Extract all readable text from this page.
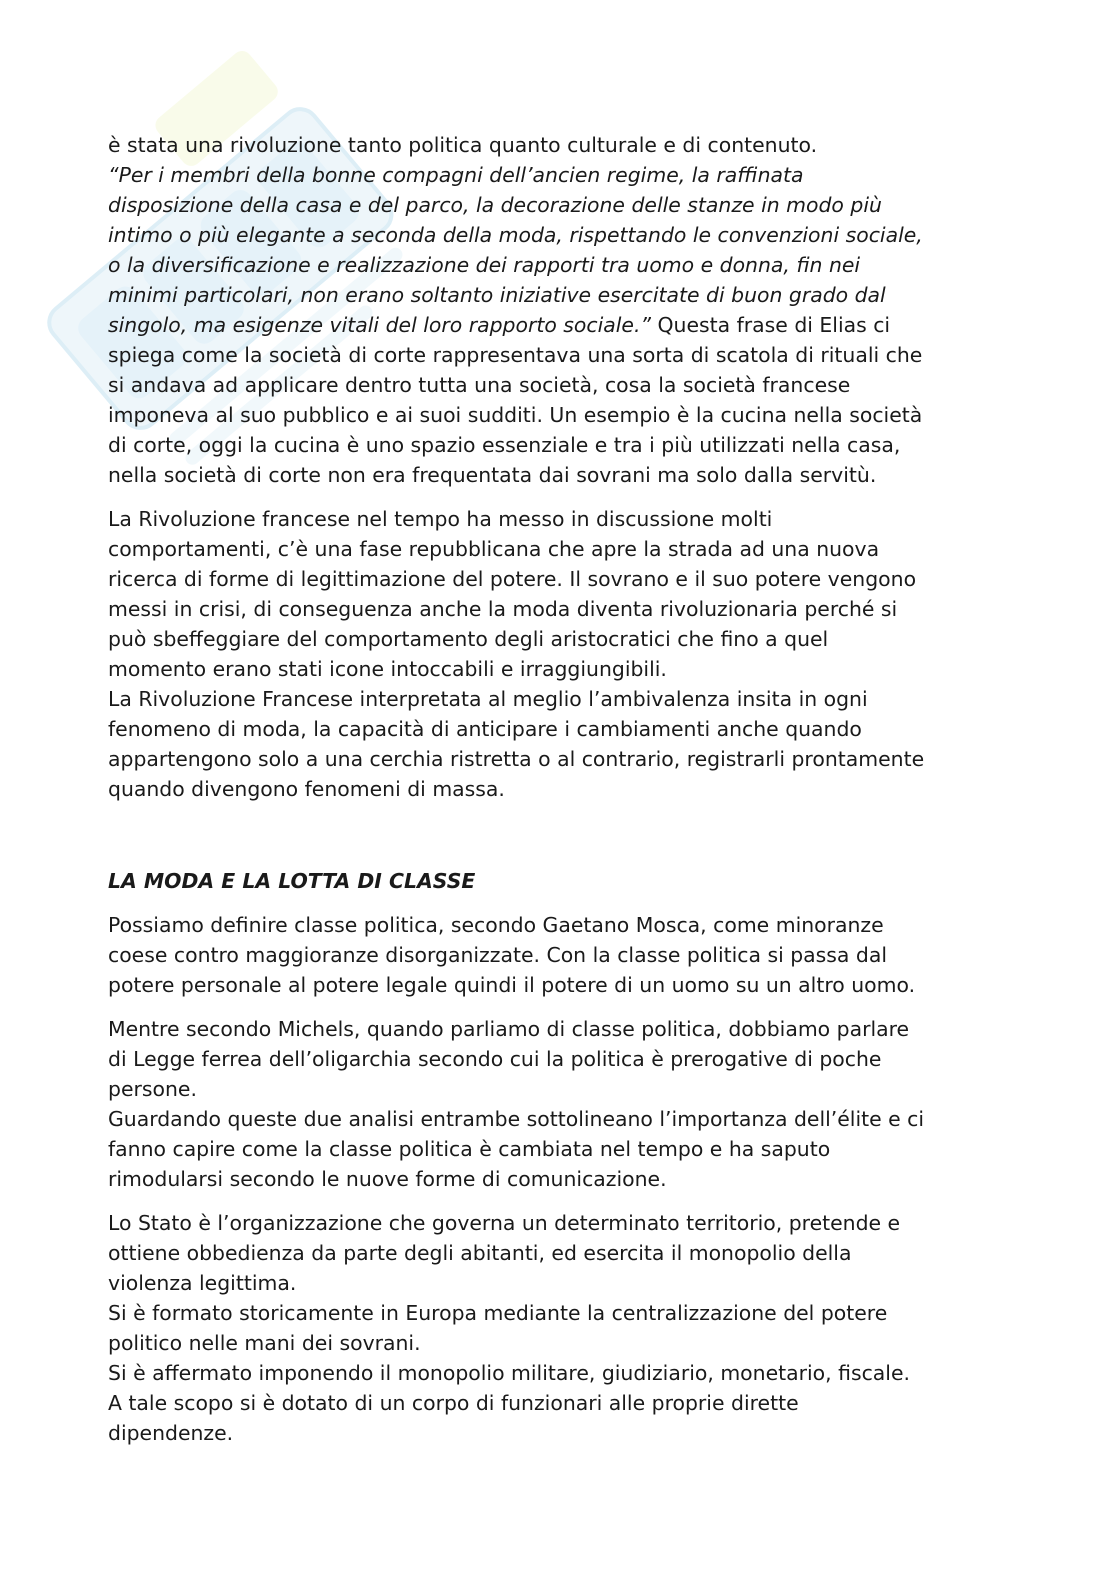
è stata una rivoluzione tanto politica quanto culturale e di contenuto.

“Per i membri della bonne compagni dell’ancien regime, la raffinata

disposizione della casa e del parco, la decorazione delle stanze in modo più

intimo o più elegante a seconda della moda, rispettando le convenzioni sociale,

o la diversificazione e realizzazione dei rapporti tra uomo e donna, fin nei

minimi particolari, non erano soltanto iniziative esercitate di buon grado dal

singolo, ma esigenze vitali del loro rapporto sociale.” Questa frase di Elias ci

spiega come la società di corte rappresentava una sorta di scatola di rituali che

si andava ad applicare dentro tutta una società, cosa la società francese

imponeva al suo pubblico e ai suoi sudditi. Un esempio è la cucina nella società

di corte, oggi la cucina è uno spazio essenziale e tra i più utilizzati nella casa,

nella società di corte non era frequentata dai sovrani ma solo dalla servitù.

La Rivoluzione francese nel tempo ha messo in discussione molti

comportamenti, c’è una fase repubblicana che apre la strada ad una nuova

ricerca di forme di legittimazione del potere. Il sovrano e il suo potere vengono

messi in crisi, di conseguenza anche la moda diventa rivoluzionaria perché si

può sbeffeggiare del comportamento degli aristocratici che fino a quel

momento erano stati icone intoccabili e irraggiungibili.

La Rivoluzione Francese interpretata al meglio l’ambivalenza insita in ogni

fenomeno di moda, la capacità di anticipare i cambiamenti anche quando

appartengono solo a una cerchia ristretta o al contrario, registrarli prontamente

quando divengono fenomeni di massa.

LA MODA E LA LOTTA DI CLASSE

Possiamo definire classe politica, secondo Gaetano Mosca, come minoranze

coese contro maggioranze disorganizzate. Con la classe politica si passa dal

potere personale al potere legale quindi il potere di un uomo su un altro uomo.

Mentre secondo Michels, quando parliamo di classe politica, dobbiamo parlare

di Legge ferrea dell’oligarchia secondo cui la politica è prerogative di poche

persone.

Guardando queste due analisi entrambe sottolineano l’importanza dell’élite e ci

fanno capire come la classe politica è cambiata nel tempo e ha saputo

rimodularsi secondo le nuove forme di comunicazione.

Lo Stato è l’organizzazione che governa un determinato territorio, pretende e

ottiene obbedienza da parte degli abitanti, ed esercita il monopolio della

violenza legittima.

Si è formato storicamente in Europa mediante la centralizzazione del potere

politico nelle mani dei sovrani.

Si è affermato imponendo il monopolio militare, giudiziario, monetario, fiscale.

A tale scopo si è dotato di un corpo di funzionari alle proprie dirette

dipendenze.
